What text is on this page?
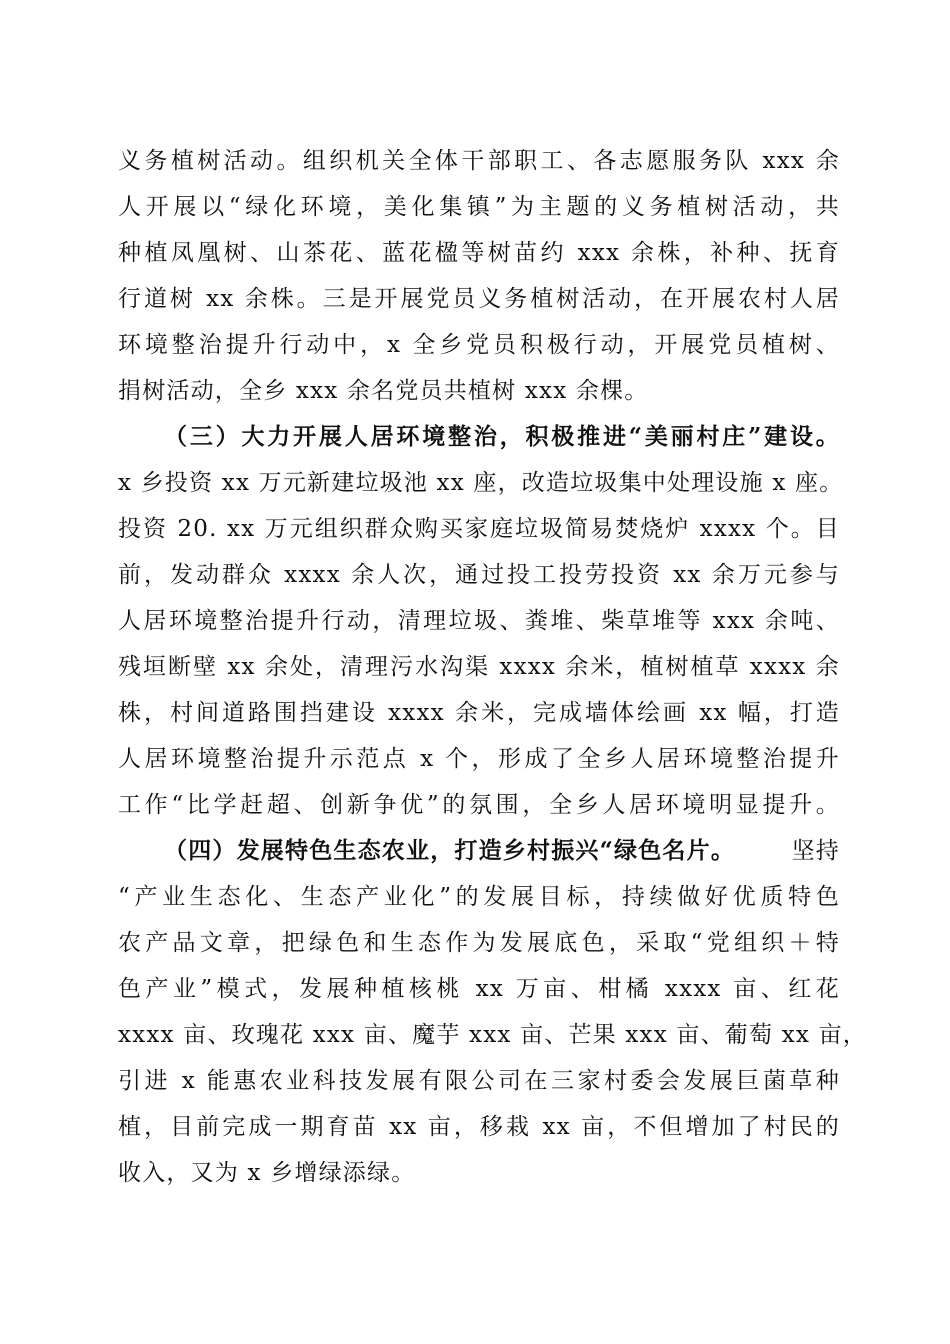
义务植树活动。组织机关全体干部职工、各志愿服务队 xxx 余
人开展以“绿化环境，美化集镇”为主题的义务植树活动，共
种植凤凰树、山茶花、蓝花楹等树苗约 xxx 余株，补种、抚育
行道树 xx 余株。三是开展党员义务植树活动，在开展农村人居
环境整治提升行动中，x 全乡党员积极行动，开展党员植树、
捐树活动，全乡 xxx 余名党员共植树 xxx 余棵。
（三）大力开展人居环境整治，积极推进“美丽村庄”建设。
x 乡投资 xx 万元新建垃圾池 xx 座，改造垃圾集中处理设施 x 座。
投资 20. xx 万元组织群众购买家庭垃圾简易焚烧炉 xxxx 个。目
前，发动群众 xxxx 余人次，通过投工投劳投资 xx 余万元参与
人居环境整治提升行动，清理垃圾、粪堆、柴草堆等 xxx 余吨、
残垣断壁 xx 余处，清理污水沟渠 xxxx 余米，植树植草 xxxx 余
株，村间道路围挡建设 xxxx 余米，完成墙体绘画 xx 幅，打造
人居环境整治提升示范点 x 个，形成了全乡人居环境整治提升
工作“比学赶超、创新争优”的氛围，全乡人居环境明显提升。
（四）发展特色生态农业，打造乡村振兴“绿色名片。 坚持
“产业生态化、生态产业化”的发展目标，持续做好优质特色
农产品文章，把绿色和生态作为发展底色，采取“党组织＋特
色产业”模式，发展种植核桃 xx 万亩、柑橘 xxxx 亩、红花
xxxx 亩、玫瑰花 xxx 亩、魔芋 xxx 亩、芒果 xxx 亩、葡萄 xx 亩，
引进 x 能惠农业科技发展有限公司在三家村委会发展巨菌草种
植，目前完成一期育苗 xx 亩，移栽 xx 亩，不但增加了村民的
收入，又为 x 乡增绿添绿。
